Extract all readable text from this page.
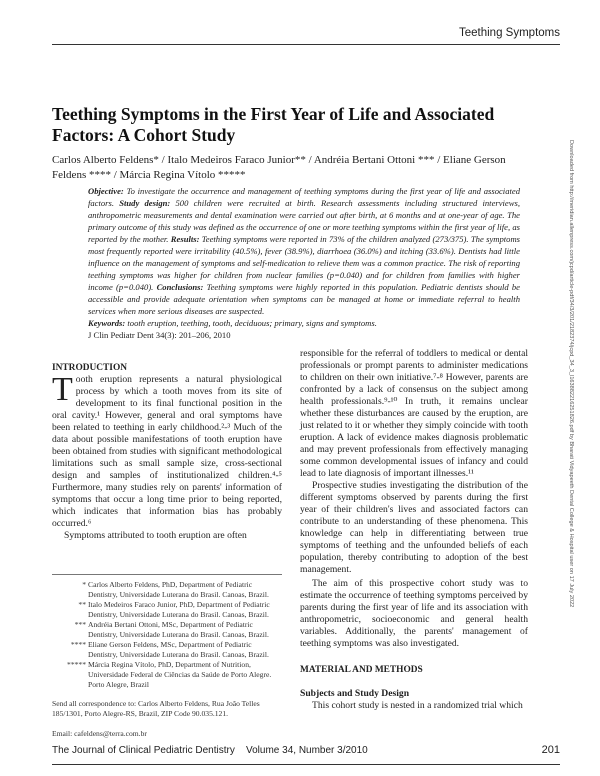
Teething Symptoms
Teething Symptoms in the First Year of Life and Associated Factors: A Cohort Study
Carlos Alberto Feldens* / Italo Medeiros Faraco Junior** / Andréia Bertani Ottoni *** / Eliane Gerson Feldens **** / Márcia Regina Vítolo *****
Objective: To investigate the occurrence and management of teething symptoms during the first year of life and associated factors. Study design: 500 children were recruited at birth. Research assessments including structured interviews, anthropometric measurements and dental examination were carried out after birth, at 6 months and at one-year of age. The primary outcome of this study was defined as the occurrence of one or more teething symptoms within the first year of life, as reported by the mother. Results: Teething symptoms were reported in 73% of the children analyzed (273/375). The symptoms most frequently reported were irritability (40.5%), fever (38.9%), diarrhoea (36.0%) and itching (33.6%). Dentists had little influence on the management of symptoms and self-medication to relieve them was a common practice. The risk of reporting teething symptoms was higher for children from nuclear families (p=0.040) and for children from families with higher income (p=0.040). Conclusions: Teething symptoms were highly reported in this population. Pediatric dentists should be accessible and provide adequate orientation when symptoms can be managed at home or immediate referral to health services when more serious diseases are suspected.
Keywords: tooth eruption, teething, tooth, deciduous; primary, signs and symptoms.
J Clin Pediatr Dent 34(3): 201–206, 2010	Downloaded from http://meridian.allenpress.com/jcpd/article-pdf/34/3/201/2182374/jcpd_34_3_l163882216251826.pdf by Bharati Vidyapeeth Dental College & Hospital user on 17 July 2022
INTRODUCTION

Tooth eruption represents a natural physiological process by which a tooth moves from its site of development to its final functional position in the oral cavity.¹ However, general and oral symptoms have been related to teething in early childhood.²‑³ Much of the data about possible manifestations of tooth eruption have been obtained from studies with significant methodological limitations such as small sample size, cross-sectional design and samples of institutionalized children.⁴‑⁵ Furthermore, many studies rely on parents' information of symptoms that occur a long time prior to being reported, which indicates that information bias has probably occurred.⁶

Symptoms attributed to tooth eruption are often

responsible for the referral of toddlers to medical or dental professionals or prompt parents to administer medications to children on their own initiative.⁷‑⁸ However, parents are confronted by a lack of consensus on the subject among health professionals.⁹‑¹⁰ In truth, it remains unclear whether these disturbances are caused by the eruption, are just related to it or whether they simply coincide with tooth eruption. A lack of evidence makes diagnosis problematic and may prevent professionals from effectively managing some common developmental issues of infancy and could lead to late diagnosis of important illnesses.¹¹

Prospective studies investigating the distribution of the different symptoms observed by parents during the first year of their children's lives and associated factors can contribute to an understanding of these phenomena. This knowledge can help in differentiating between true symptoms of teething and the unfounded beliefs of each population, thereby contributing to adoption of the best management.

The aim of this prospective cohort study was to estimate the occurrence of teething symptoms perceived by parents during the first year of life and its association with anthropometric, socioeconomic and general health variables. Additionally, the parents' management of teething symptoms was also investigated.

MATERIAL AND METHODS
Subjects and Study Design

This cohort study is nested in a randomized trial which

* Carlos Alberto Feldens, PhD, Department of Pediatric Dentistry, Universidade Luterana do Brasil. Canoas, Brazil.

** Italo Medeiros Faraco Junior, PhD, Department of Pediatric Dentistry, Universidade Luterana do Brasil. Canoas, Brazil.

*** Andréia Bertani Ottoni, MSc, Department of Pediatric Dentistry, Universidade Luterana do Brasil. Canoas, Brazil.

**** Eliane Gerson Feldens, MSc, Department of Pediatric Dentistry, Universidade Luterana do Brasil. Canoas, Brazil.

***** Márcia Regina Vítolo, PhD, Department of Nutrition, Universidade Federal de Ciências da Saúde de Porto Alegre. Porto Alegre, Brazil

Send all correspondence to: Carlos Alberto Feldens, Rua João Telles 185/1301, Porto Alegre-RS, Brazil, ZIP Code 90.035.121.

Email: cafeldens@terra.com.br

The Journal of Clinical Pediatric Dentistry Volume 34, Number 3/2010	201
